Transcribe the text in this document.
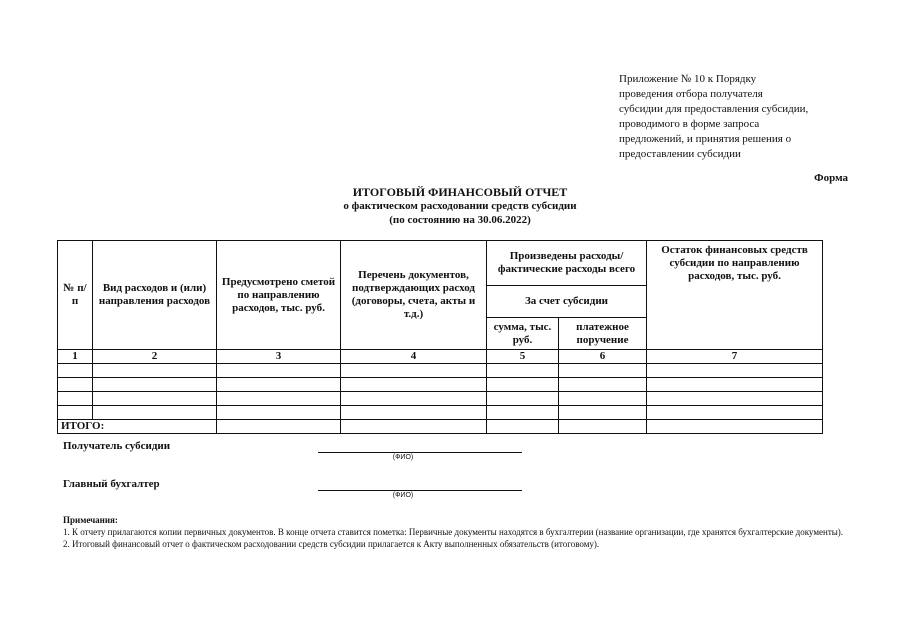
Приложение № 10 к Порядку
проведения отбора получателя
субсидии для предоставления субсидии,
проводимого в форме запроса
предложений, и принятия решения о
предоставлении субсидии
Форма
ИТОГОВЫЙ ФИНАНСОВЫЙ ОТЧЕТ
о фактическом расходовании средств субсидии
(по состоянию на 30.06.2022)
№ п/п	Вид расходов и (или) направления расходов	Предусмотрено сметой по направлению расходов, тыс. руб.	Перечень документов, подтверждающих расход (договоры, счета, акты и т.д.)	Произведены расходы/фактические расходы всего		Остаток финансовых средств субсидии по направлению расходов, тыс. руб.
				За счет субсидии		
				сумма, тыс. руб.	платежное поручение	
1	2	3	4	5	6	7

ИТОГО:						
Получатель субсидии
(ФИО)
Главный бухгалтер
(ФИО)
Примечания:
1. К отчету прилагаются копии первичных документов. В конце отчета ставится пометка: Первичные документы находятся в бухгалтерии (название организации, где хранятся бухгалтерские документы).
2. Итоговый финансовый отчет о фактическом расходовании средств субсидии прилагается к Акту выполненных обязательств (итоговому).
